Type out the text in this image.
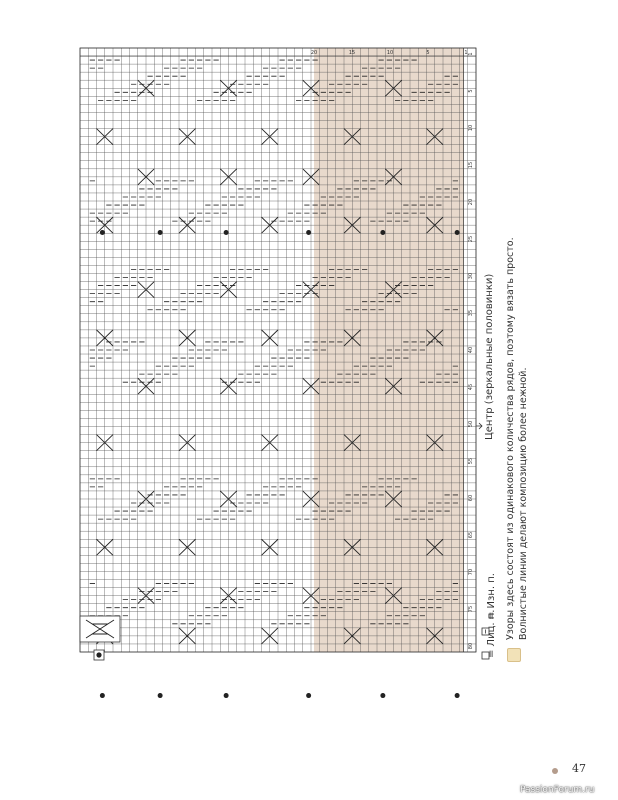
1
5
10
15
20
25
30
35
40
45
50
55
60
65
70
75
80
1
5
10
15
20
= Лиц. п.
= Изн. п.
Центр (зеркальные половинки) Узоры здесь состоят из одинакового количества рядов, поэтому вязать просто. Волнистые линии делают композицию более нежной.
47
PassionForum.ru
